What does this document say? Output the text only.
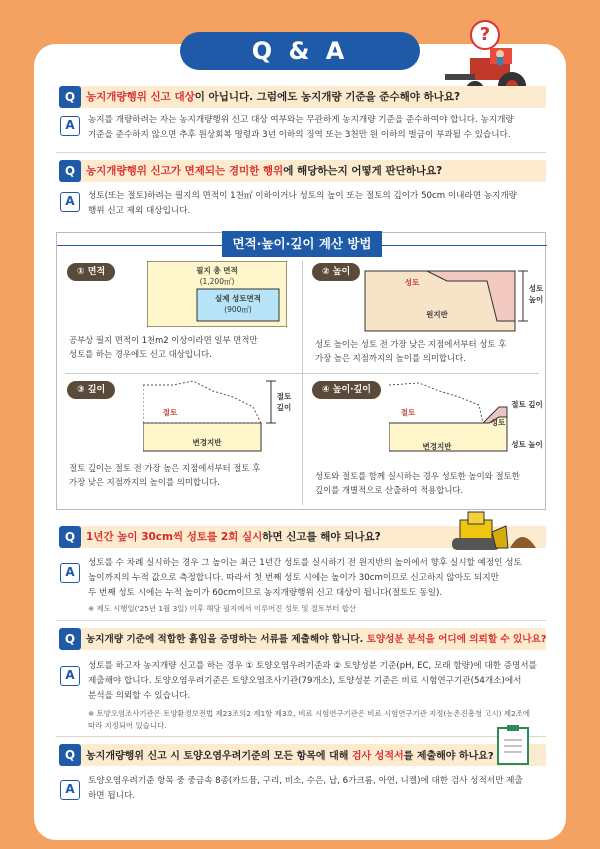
Q & A
?
Q	농지개량행위 신고 대상이 아닙니다. 그럼에도 농지개량 기준을 준수해야 하나요?
A	농지를 개량하려는 자는 농지개량행위 신고 대상 여부와는 무관하게 농지개량 기준을 준수하여야 합니다. 농지개량
기준을 준수하지 않으면 추후 원상회복 명령과 3년 이하의 징역 또는 3천만 원 이하의 벌금이 부과될 수 있습니다.
Q	농지개량행위 신고가 면제되는 경미한 행위에 해당하는지 어떻게 판단하나요?
A	성토(또는 절토)하려는 필지의 면적이 1천㎡ 이하이거나 성토의 높이 또는 절토의 깊이가 50cm 이내라면 농지개량
행위 신고 제외 대상입니다.
면적·높이·깊이 계산 방법
① 면적	필지 총 면적
(1,200㎡)
실제 성토면적
(900㎡)
공부상 필지 면적이 1천m2 이상이라면 일부 면적만
성토를 하는 경우에도 신고 대상입니다.
② 높이
성토
원지반
성토
높이
성토 높이는 성토 전 가장 낮은 지점에서부터 성토 후
가장 높은 지점까지의 높이를 의미합니다.
③ 깊이
절토
절토
깊이
변경지반
절토 깊이는 절토 전 가장 높은 지점에서부터 절토 후
가장 낮은 지점까지의 높이를 의미합니다.
④ 높이·깊이
절토
성토
변경지반
절토 깊이
성토 높이
성토와 절토를 함께 실시하는 경우 성토한 높이와 절토한
깊이를 개별적으로 산출하여 적용합니다.
Q	1년간 높이 30cm씩 성토를 2회 실시하면 신고를 해야 되나요?
A
성토를 수 차례 실시하는 경우 그 높이는 최근 1년간 성토를 실시하기 전 원지반의 높이에서 향후 실시할 예정인 성토
높이까지의 누적 값으로 측정합니다. 따라서 첫 번째 성토 시에는 높이가 30cm이므로 신고하지 않아도 되지만
두 번째 성토 시에는 누적 높이가 60cm이므로 농지개량행위 신고 대상이 됩니다(절토도 동일).
※ 제도 시행일('25년 1월 3일) 이후 해당 필지에서 이루어진 성토 및 절토부터 합산
Q	농지개량 기준에 적합한 흙임을 증명하는 서류를 제출해야 합니다. 토양성분 분석을 어디에 의뢰할 수 있나요?
A
성토를 하고자 농지개량 신고를 하는 경우 ① 토양오염우려기준과 ② 토양성분 기준(pH, EC, 모래 함량)에 대한 증명서를
제출해야 합니다. 토양오염우려기준은 토양오염조사기관(79개소), 토양성분 기준은 비료 시험연구기관(54개소)에서
분석을 의뢰할 수 있습니다.
※ 토양오염조사기관은 토양환경보전법 제23조의2 제1항 제3호, 비료 시험연구기관은 비료 시험연구기관 지정(농촌진흥청 고시) 제2조에
따라 지정되어 있습니다.
Q	농지개량행위 신고 시 토양오염우려기준의 모든 항목에 대해 검사 성적서를 제출해야 하나요?
A
토양오염우려기준 항목 중 중금속 8종(카드뮴, 구리, 비소, 수은, 납, 6가크롬, 아연, 니켈)에 대한 검사 성적서만 제출
하면 됩니다.
